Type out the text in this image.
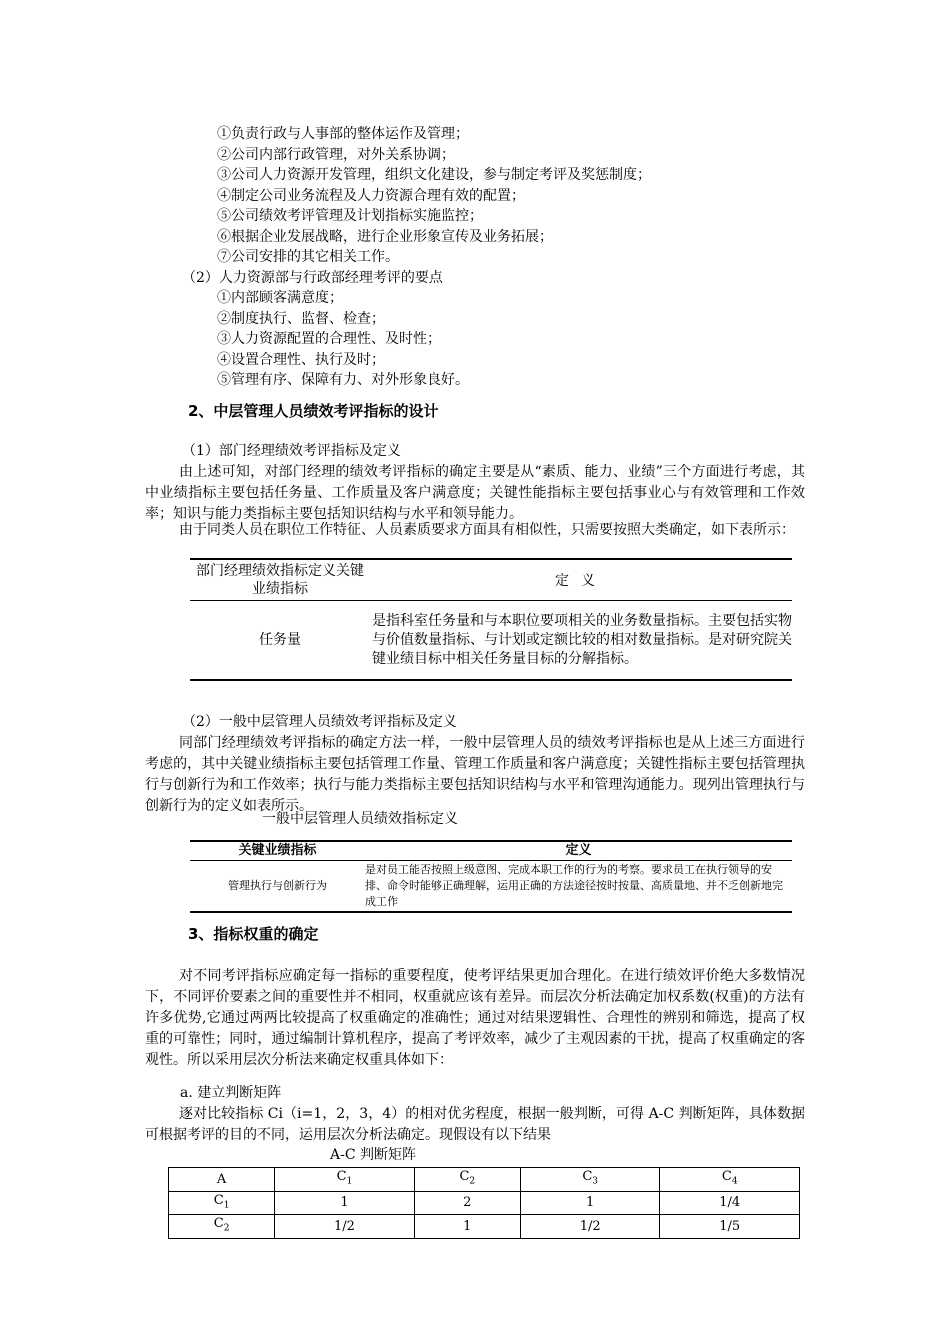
①负责行政与人事部的整体运作及管理；
②公司内部行政管理，对外关系协调；
③公司人力资源开发管理，组织文化建设，参与制定考评及奖惩制度；
④制定公司业务流程及人力资源合理有效的配置；
⑤公司绩效考评管理及计划指标实施监控；
⑥根据企业发展战略，进行企业形象宣传及业务拓展；
⑦公司安排的其它相关工作。
（2）人力资源部与行政部经理考评的要点
①内部顾客满意度；
②制度执行、监督、检查；
③人力资源配置的合理性、及时性；
④设置合理性、执行及时；
⑤管理有序、保障有力、对外形象良好。
2、中层管理人员绩效考评指标的设计
（1）部门经理绩效考评指标及定义
由上述可知，对部门经理的绩效考评指标的确定主要是从“素质、能力、业绩”三个方面进行考虑，其中业绩指标主要包括任务量、工作质量及客户满意度；关键性能指标主要包括事业心与有效管理和工作效率；知识与能力类指标主要包括知识结构与水平和领导能力。
由于同类人员在职位工作特征、人员素质要求方面具有相似性，只需要按照大类确定，如下表所示：
部门经理绩效指标定义关键业绩指标	定义
任务量	是指科室任务量和与本职位要项相关的业务数量指标。主要包括实物与价值数量指标、与计划或定额比较的相对数量指标。是对研究院关键业绩目标中相关任务量目标的分解指标。
（2）一般中层管理人员绩效考评指标及定义
同部门经理绩效考评指标的确定方法一样，一般中层管理人员的绩效考评指标也是从上述三方面进行考虑的，其中关键业绩指标主要包括管理工作量、管理工作质量和客户满意度；关键性指标主要包括管理执行与创新行为和工作效率；执行与能力类指标主要包括知识结构与水平和管理沟通能力。现列出管理执行与创新行为的定义如表所示。
一般中层管理人员绩效指标定义
关键业绩指标	定义
管理执行与创新行为	是对员工能否按照上级意图、完成本职工作的行为的考察。要求员工在执行领导的安排、命令时能够正确理解，运用正确的方法途径按时按量、高质量地、并不乏创新地完成工作
3、指标权重的确定
对不同考评指标应确定每一指标的重要程度，使考评结果更加合理化。在进行绩效评价绝大多数情况下，不同评价要素之间的重要性并不相同，权重就应该有差异。而层次分析法确定加权系数(权重)的方法有许多优势,它通过两两比较提高了权重确定的准确性；通过对结果逻辑性、合理性的辨别和筛选，提高了权重的可靠性；同时，通过编制计算机程序，提高了考评效率，减少了主观因素的干扰，提高了权重确定的客观性。所以采用层次分析法来确定权重具体如下：
a. 建立判断矩阵
逐对比较指标 Ci（i=1，2，3，4）的相对优劣程度，根据一般判断，可得 A-C 判断矩阵，具体数据可根据考评的目的不同，运用层次分析法确定。现假设有以下结果
A-C 判断矩阵
A	$C_1$	$C_2$	$C_3$	$C_4$
$C_1$	1	2	1	1/4
$C_2$	1/2	1	1/2	1/5
